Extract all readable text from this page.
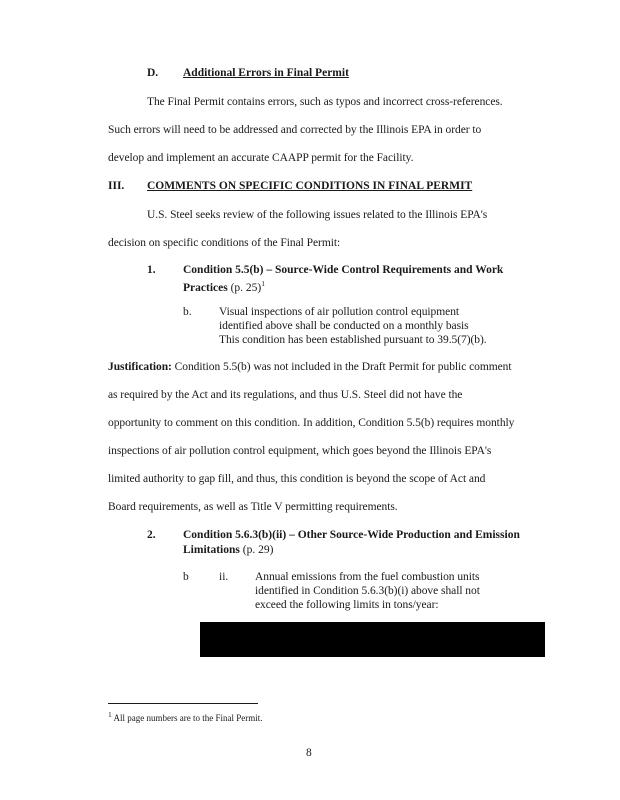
D. Additional Errors in Final Permit
The Final Permit contains errors, such as typos and incorrect cross-references.
Such errors will need to be addressed and corrected by the Illinois EPA in order to
develop and implement an accurate CAAPP permit for the Facility.
III. COMMENTS ON SPECIFIC CONDITIONS IN FINAL PERMIT
U.S. Steel seeks review of the following issues related to the Illinois EPA's
decision on specific conditions of the Final Permit:
1. Condition 5.5(b) – Source-Wide Control Requirements and Work
Practices (p. 25)$^1$
b. Visual inspections of air pollution control equipment
identified above shall be conducted on a monthly basis
This condition has been established pursuant to 39.5(7)(b).
Justification: Condition 5.5(b) was not included in the Draft Permit for public comment
as required by the Act and its regulations, and thus U.S. Steel did not have the
opportunity to comment on this condition. In addition, Condition 5.5(b) requires monthly
inspections of air pollution control equipment, which goes beyond the Illinois EPA's
limited authority to gap fill, and thus, this condition is beyond the scope of Act and
Board requirements, as well as Title V permitting requirements.
2. Condition 5.6.3(b)(ii) – Other Source-Wide Production and Emission
Limitations (p. 29)
b	ii. Annual emissions from the fuel combustion units
identified in Condition 5.6.3(b)(i) above shall not
exceed the following limits in tons/year:
$^1$ All page numbers are to the Final Permit.
8
